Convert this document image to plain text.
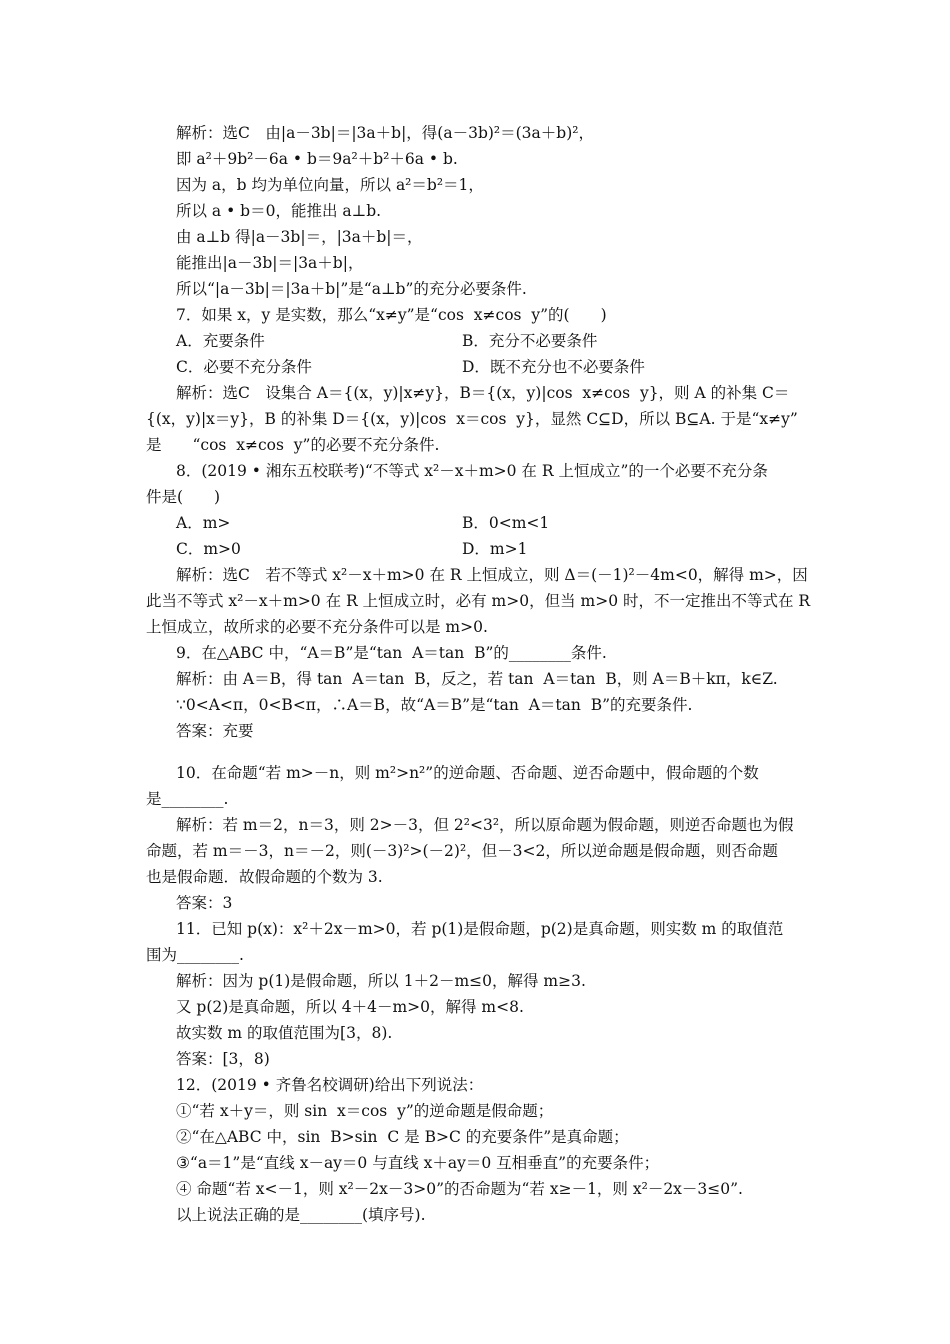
解析：选C　由|a－3b|＝|3a＋b|，得(a－3b)²＝(3a＋b)²，
即 a²＋9b²－6a • b＝9a²＋b²＋6a • b.
因为 a，b 均为单位向量，所以 a²＝b²＝1，
所以 a • b＝0，能推出 a⊥b.
由 a⊥b 得|a－3b|＝，|3a＋b|＝，
能推出|a－3b|＝|3a＋b|，
所以“|a－3b|＝|3a＋b|”是“a⊥b”的充分必要条件.
7．如果 x，y 是实数，那么“x≠y”是“cos  x≠cos  y”的(　　)
A．充要条件	B．充分不必要条件
C．必要不充分条件	D．既不充分也不必要条件
解析：选C　设集合 A＝{(x，y)|x≠y}，B＝{(x，y)|cos  x≠cos  y}，则 A 的补集 C＝
{(x，y)|x＝y}，B 的补集 D＝{(x，y)|cos  x＝cos  y}，显然 C⊆D，所以 B⊆A. 于是“x≠y”
是　　“cos  x≠cos  y”的必要不充分条件.
8．(2019 • 湘东五校联考)“不等式 x²－x＋m>0 在 R 上恒成立”的一个必要不充分条
件是(　　)
A．m>	B．0<m<1
C．m>0	D．m>1
解析：选C　若不等式 x²－x＋m>0 在 R 上恒成立，则 Δ＝(－1)²－4m<0，解得 m>，因
此当不等式 x²－x＋m>0 在 R 上恒成立时，必有 m>0，但当 m>0 时，不一定推出不等式在 R
上恒成立，故所求的必要不充分条件可以是 m>0.
9．在△ABC 中，“A＝B”是“tan  A＝tan  B”的________条件.
解析：由 A＝B，得 tan  A＝tan  B，反之，若 tan  A＝tan  B，则 A＝B＋kπ，k∈Z.
∵0<A<π，0<B<π，∴A＝B，故“A＝B”是“tan  A＝tan  B”的充要条件.
答案：充要
10．在命题“若 m>－n，则 m²>n²”的逆命题、否命题、逆否命题中，假命题的个数
是________.
解析：若 m＝2，n＝3，则 2>－3，但 2²<3²，所以原命题为假命题，则逆否命题也为假
命题，若 m＝－3，n＝－2，则(－3)²>(－2)²，但－3<2，所以逆命题是假命题，则否命题
也是假命题．故假命题的个数为 3.
答案：3
11．已知 p(x)：x²＋2x－m>0，若 p(1)是假命题，p(2)是真命题，则实数 m 的取值范
围为________.
解析：因为 p(1)是假命题，所以 1＋2－m≤0，解得 m≥3.
又 p(2)是真命题，所以 4＋4－m>0，解得 m<8.
故实数 m 的取值范围为[3，8).
答案：[3，8)
12．(2019 • 齐鲁名校调研)给出下列说法：
①“若 x＋y＝，则 sin  x＝cos  y”的逆命题是假命题；
②“在△ABC 中，sin  B>sin  C 是 B>C 的充要条件”是真命题；
③“a＝1”是“直线 x－ay＝0 与直线 x＋ay＝0 互相垂直”的充要条件；
④ 命题“若 x<－1，则 x²－2x－3>0”的否命题为“若 x≥－1，则 x²－2x－3≤0”.
以上说法正确的是________(填序号).
